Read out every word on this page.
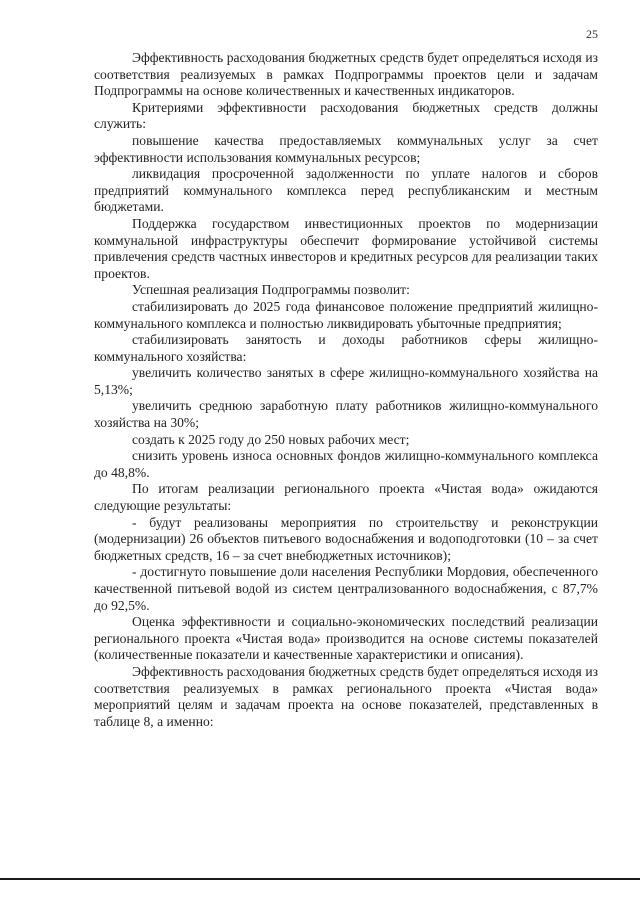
25

Эффективность расходования бюджетных средств будет определяться исходя из соответствия реализуемых в рамках Подпрограммы проектов цели и задачам Подпрограммы на основе количественных и качественных индикаторов.

Критериями эффективности расходования бюджетных средств должны служить:

повышение качества предоставляемых коммунальных услуг за счет эффективности использования коммунальных ресурсов;

ликвидация просроченной задолженности по уплате налогов и сборов предприятий коммунального комплекса перед республиканским и местным бюджетами.

Поддержка государством инвестиционных проектов по модернизации коммунальной инфраструктуры обеспечит формирование устойчивой системы привлечения средств частных инвесторов и кредитных ресурсов для реализации таких проектов.

Успешная реализация Подпрограммы позволит:

стабилизировать до 2025 года финансовое положение предприятий жилищно-коммунального комплекса и полностью ликвидировать убыточные предприятия;

стабилизировать занятость и доходы работников сферы жилищно-коммунального хозяйства:

увеличить количество занятых в сфере жилищно-коммунального хозяйства на 5,13%;

увеличить среднюю заработную плату работников жилищно-коммунального хозяйства на 30%;

создать к 2025 году до 250 новых рабочих мест;

снизить уровень износа основных фондов жилищно-коммунального комплекса до 48,8%.

По итогам реализации регионального проекта «Чистая вода» ожидаются следующие результаты:

- будут реализованы мероприятия по строительству и реконструкции (модернизации) 26 объектов питьевого водоснабжения и водоподготовки (10 – за счет бюджетных средств, 16 – за счет внебюджетных источников);

- достигнуто повышение доли населения Республики Мордовия, обеспеченного качественной питьевой водой из систем централизованного водоснабжения, с 87,7% до 92,5%.

Оценка эффективности и социально-экономических последствий реализации регионального проекта «Чистая вода» производится на основе системы показателей (количественные показатели и качественные характеристики и описания).

Эффективность расходования бюджетных средств будет определяться исходя из соответствия реализуемых в рамках регионального проекта «Чистая вода» мероприятий целям и задачам проекта на основе показателей, представленных в таблице 8, а именно:
